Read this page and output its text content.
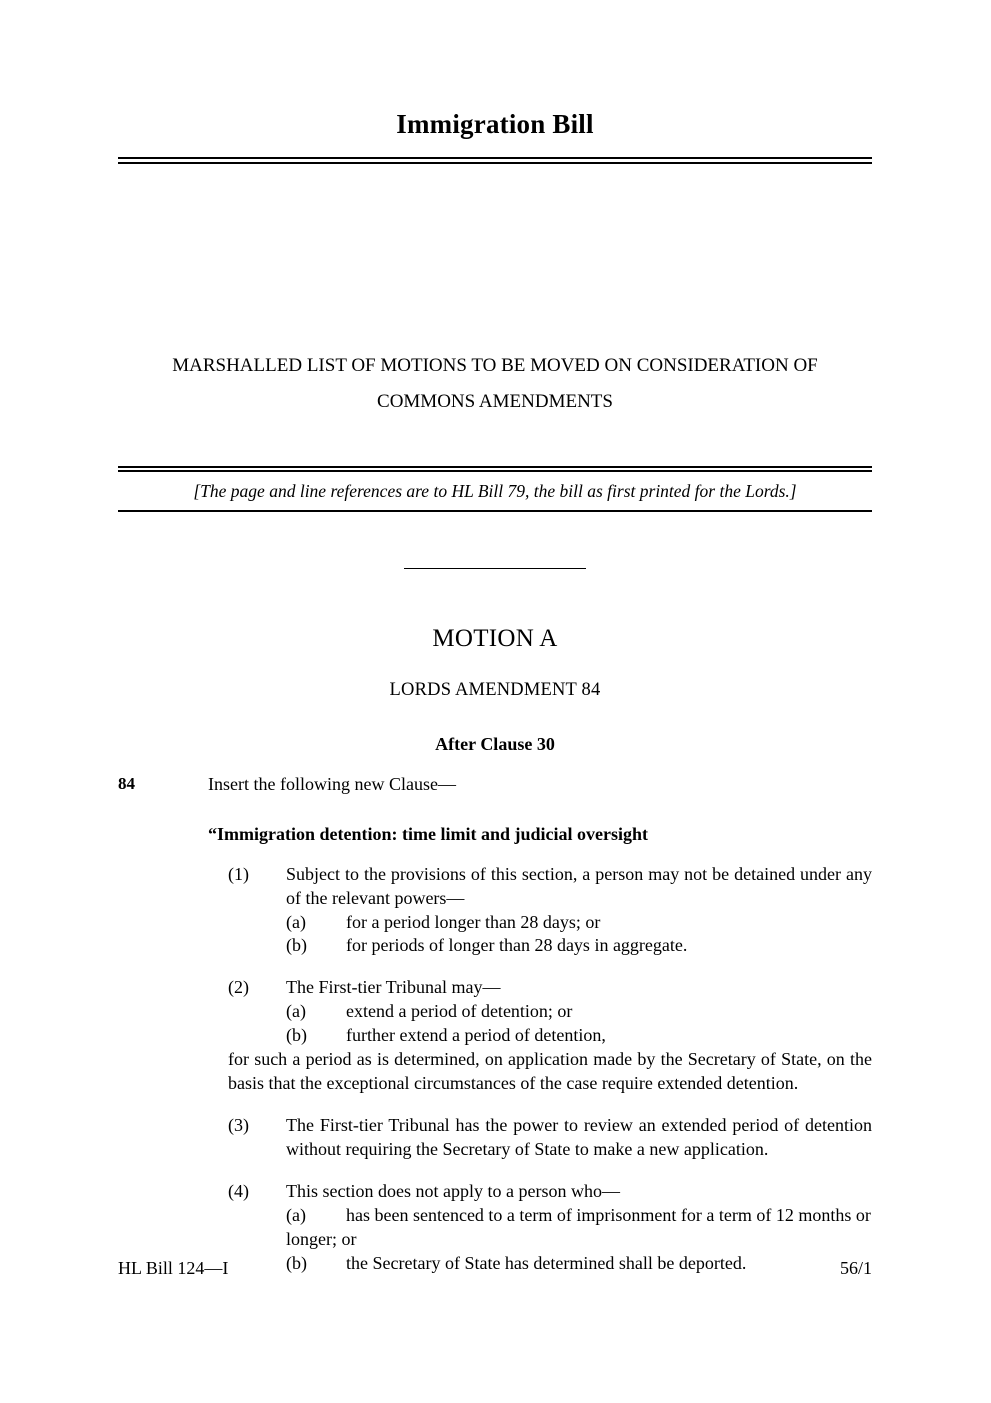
Immigration Bill
MARSHALLED LIST OF MOTIONS TO BE MOVED ON CONSIDERATION OF
COMMONS AMENDMENTS

[The page and line references are to HL Bill 79, the bill as first printed for the Lords.]

MOTION A
LORDS AMENDMENT 84
After Clause 30
84	Insert the following new Clause—
“Immigration detention: time limit and judicial oversight
(1)	Subject to the provisions of this section, a person may not be detained under any of the relevant powers—
(a)	for a period longer than 28 days; or
(b)	for periods of longer than 28 days in aggregate.
(2)	The First-tier Tribunal may—
(a)	extend a period of detention; or
(b)	further extend a period of detention,
for such a period as is determined, on application made by the Secretary of State, on the basis that the exceptional circumstances of the case require extended detention.
(3)	The First-tier Tribunal has the power to review an extended period of detention without requiring the Secretary of State to make a new application.
(4)	This section does not apply to a person who—
(a)	has been sentenced to a term of imprisonment for a term of 12 months or longer; or
(b)	the Secretary of State has determined shall be deported.
HL Bill 124—I	56/1
